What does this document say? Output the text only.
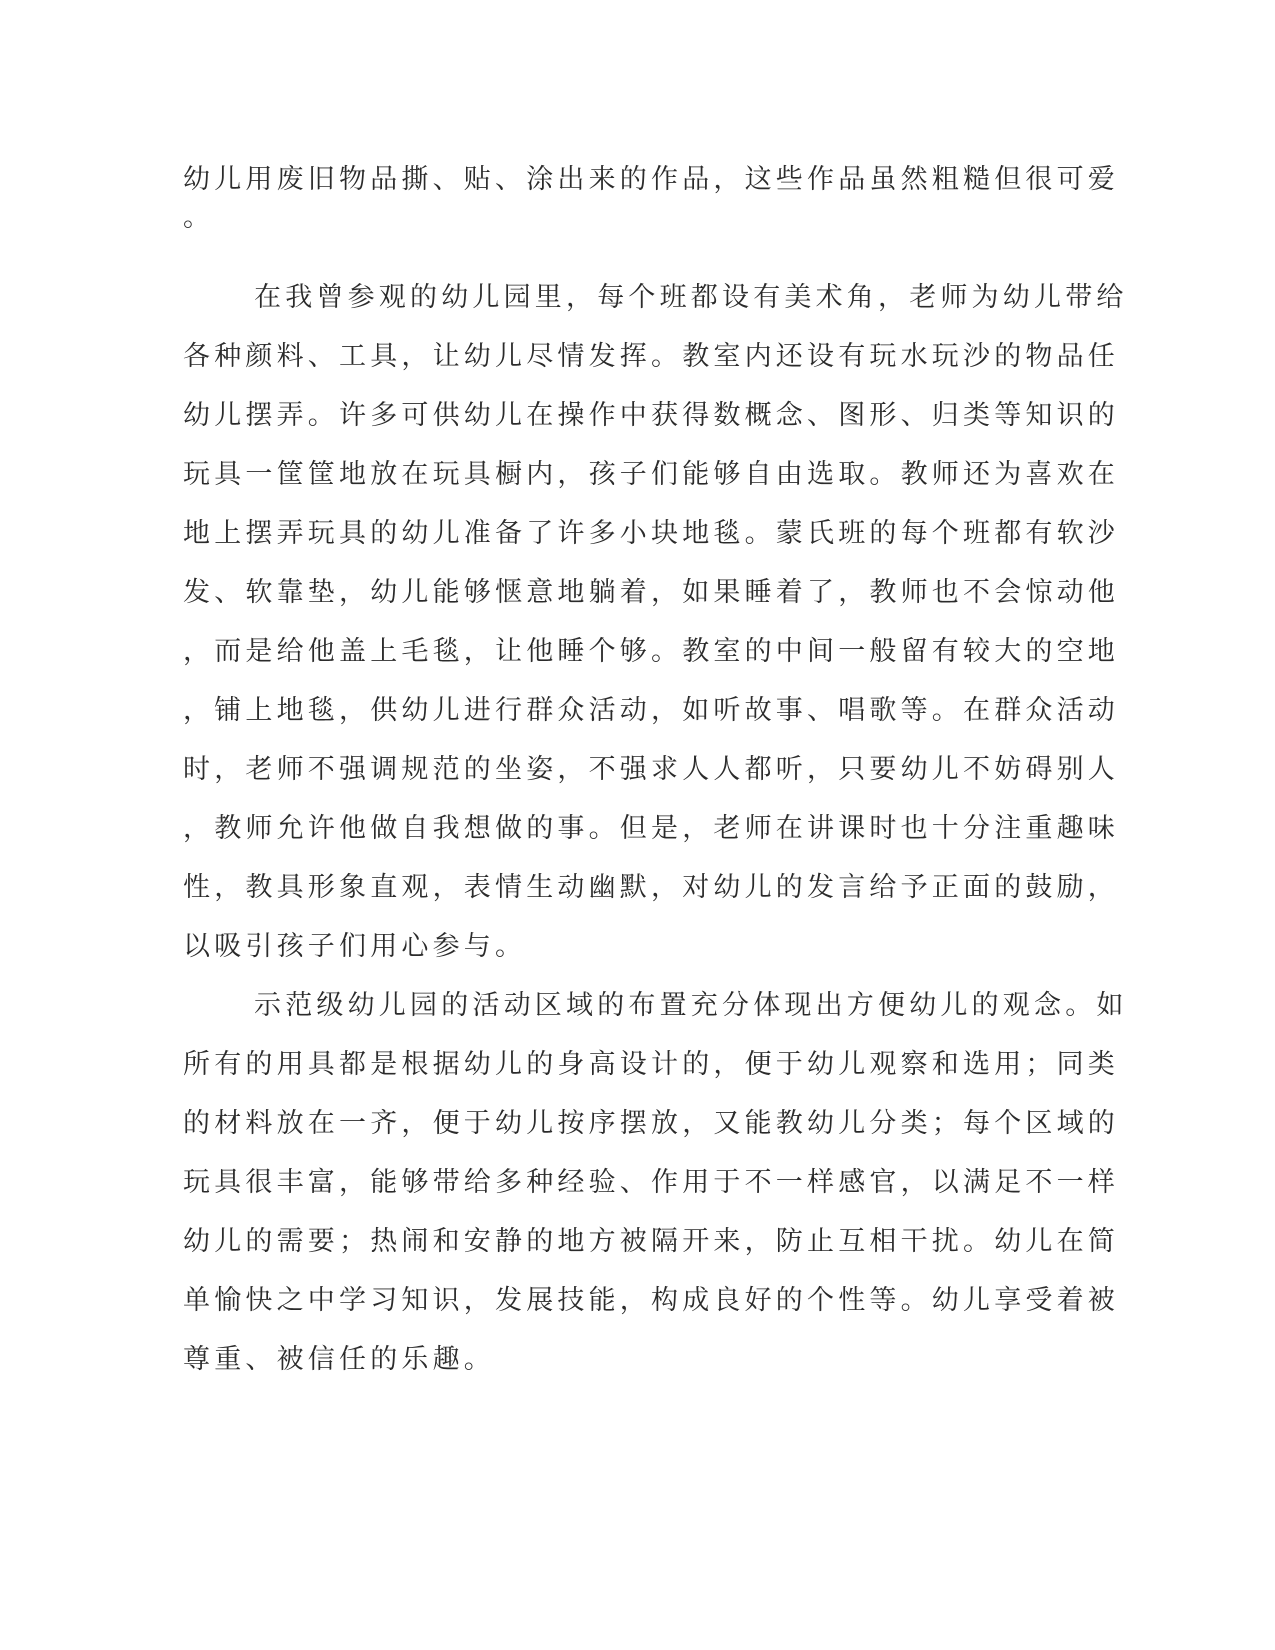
幼儿用废旧物品撕、贴、涂出来的作品，这些作品虽然粗糙但很可爱
。
在我曾参观的幼儿园里，每个班都设有美术角，老师为幼儿带给
各种颜料、工具，让幼儿尽情发挥。教室内还设有玩水玩沙的物品任
幼儿摆弄。许多可供幼儿在操作中获得数概念、图形、归类等知识的
玩具一筐筐地放在玩具橱内，孩子们能够自由选取。教师还为喜欢在
地上摆弄玩具的幼儿准备了许多小块地毯。蒙氏班的每个班都有软沙
发、软靠垫，幼儿能够惬意地躺着，如果睡着了，教师也不会惊动他
，而是给他盖上毛毯，让他睡个够。教室的中间一般留有较大的空地
，铺上地毯，供幼儿进行群众活动，如听故事、唱歌等。在群众活动
时，老师不强调规范的坐姿，不强求人人都听，只要幼儿不妨碍别人
，教师允许他做自我想做的事。但是，老师在讲课时也十分注重趣味
性，教具形象直观，表情生动幽默，对幼儿的发言给予正面的鼓励，
以吸引孩子们用心参与。
示范级幼儿园的活动区域的布置充分体现出方便幼儿的观念。如
所有的用具都是根据幼儿的身高设计的，便于幼儿观察和选用；同类
的材料放在一齐，便于幼儿按序摆放，又能教幼儿分类；每个区域的
玩具很丰富，能够带给多种经验、作用于不一样感官，以满足不一样
幼儿的需要；热闹和安静的地方被隔开来，防止互相干扰。幼儿在简
单愉快之中学习知识，发展技能，构成良好的个性等。幼儿享受着被
尊重、被信任的乐趣。
